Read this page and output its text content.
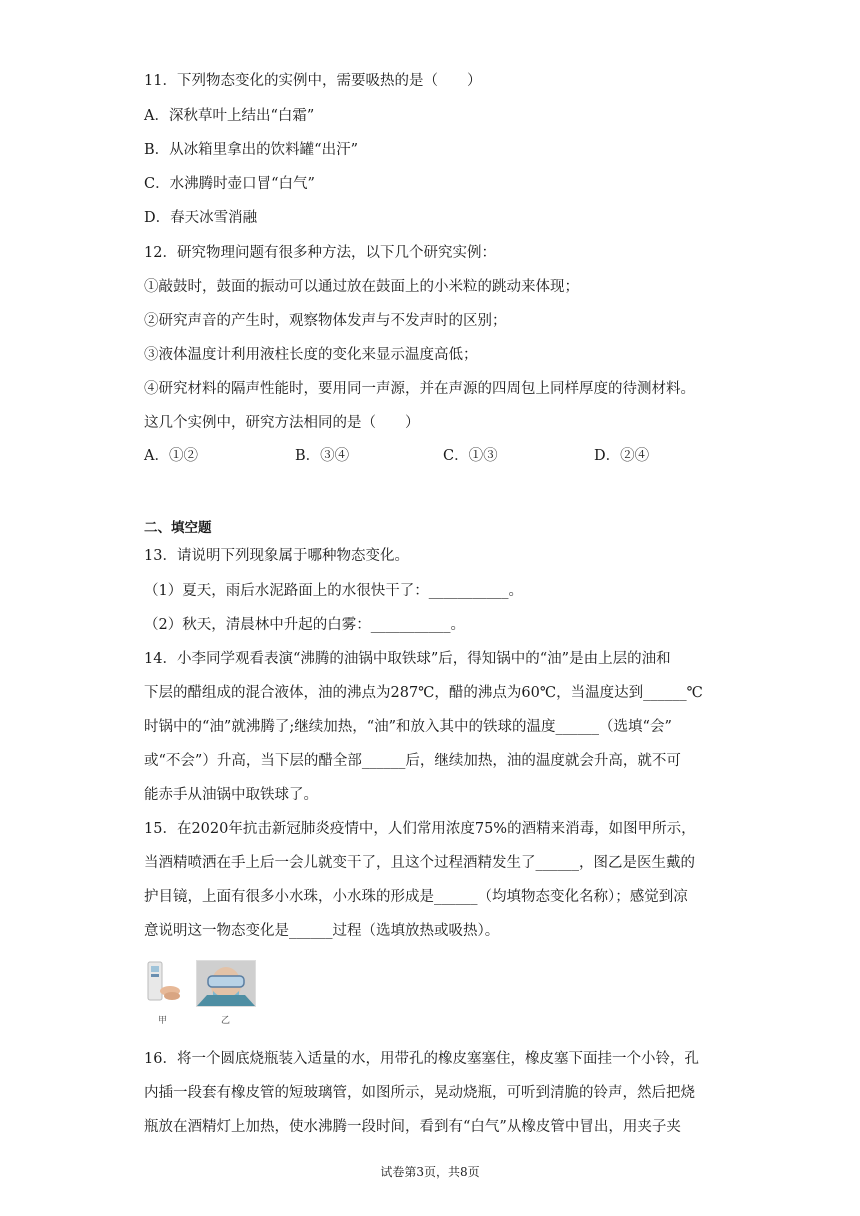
11．下列物态变化的实例中，需要吸热的是（　　）
A．深秋草叶上结出“白霜”
B．从冰箱里拿出的饮料罐“出汗”
C．水沸腾时壶口冒“白气”
D．春天冰雪消融
12．研究物理问题有很多种方法，以下几个研究实例：
①敲鼓时，鼓面的振动可以通过放在鼓面上的小米粒的跳动来体现；
②研究声音的产生时，观察物体发声与不发声时的区别；
③液体温度计利用液柱长度的变化来显示温度高低；
④研究材料的隔声性能时，要用同一声源，并在声源的四周包上同样厚度的待测材料。
这几个实例中，研究方法相同的是（　　）
A．①②	B．③④	C．①③	D．②④
二、填空题
13．请说明下列现象属于哪种物态变化。
（1）夏天，雨后水泥路面上的水很快干了：___________。
（2）秋天，清晨林中升起的白雾：___________。
14．小李同学观看表演“沸腾的油锅中取铁球”后，得知锅中的“油”是由上层的油和
下层的醋组成的混合液体，油的沸点为287℃，醋的沸点为60℃，当温度达到______℃
时锅中的“油”就沸腾了;继续加热，“油”和放入其中的铁球的温度______（选填“会”
或“不会”）升高，当下层的醋全部______后，继续加热，油的温度就会升高，就不可
能赤手从油锅中取铁球了。
15．在2020年抗击新冠肺炎疫情中，人们常用浓度75%的酒精来消毒，如图甲所示，
当酒精喷洒在手上后一会儿就变干了，且这个过程酒精发生了______，图乙是医生戴的
护目镜，上面有很多小水珠，小水珠的形成是______（均填物态变化名称）；感觉到凉
意说明这一物态变化是______过程（选填放热或吸热）。
甲	乙
16．将一个圆底烧瓶装入适量的水，用带孔的橡皮塞塞住，橡皮塞下面挂一个小铃，孔
内插一段套有橡皮管的短玻璃管，如图所示，晃动烧瓶，可听到清脆的铃声，然后把烧
瓶放在酒精灯上加热，使水沸腾一段时间，看到有“白气”从橡皮管中冒出，用夹子夹
试卷第3页，共8页
